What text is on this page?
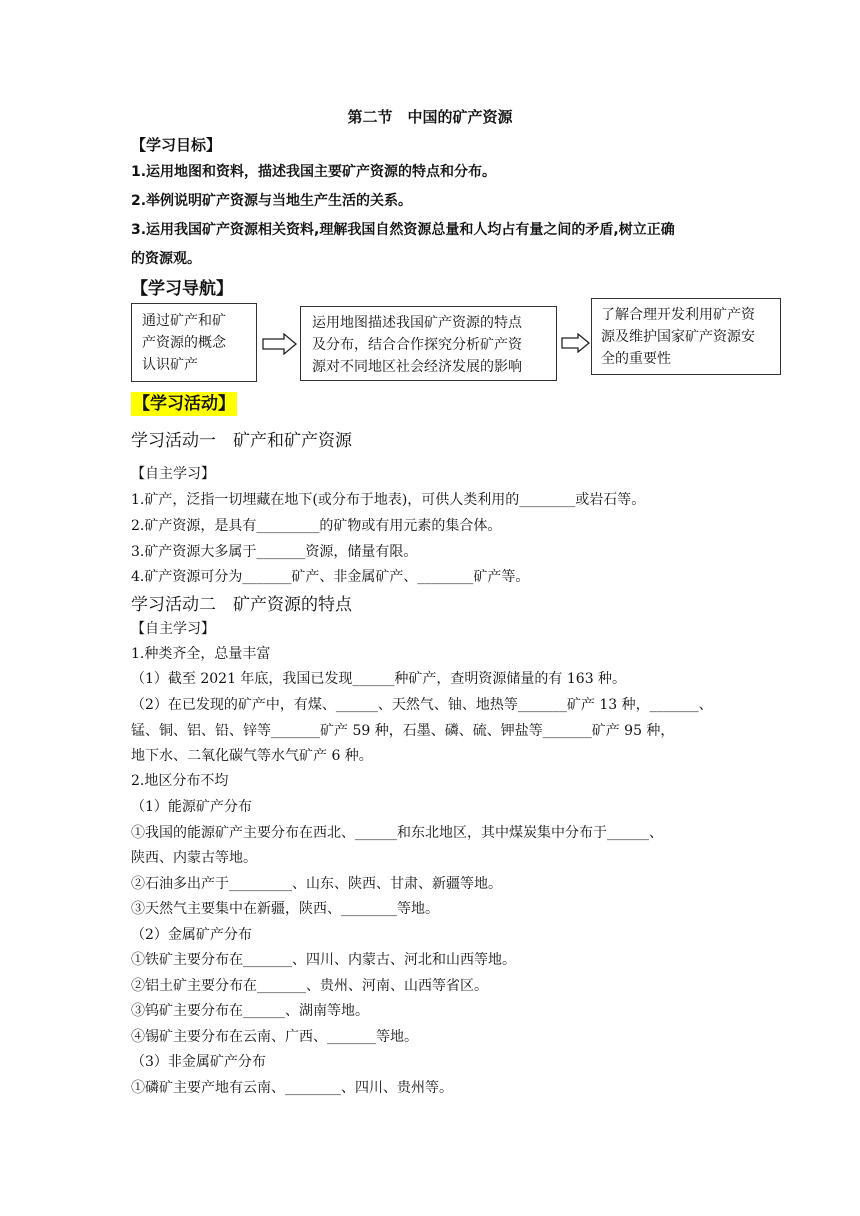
第二节　中国的矿产资源
【学习目标】
1.运用地图和资料，描述我国主要矿产资源的特点和分布。
2.举例说明矿产资源与当地生产生活的关系。
3.运用我国矿产资源相关资料,理解我国自然资源总量和人均占有量之间的矛盾,树立正确
的资源观。
【学习导航】
通过矿产和矿
产资源的概念
认识矿产
运用地图描述我国矿产资源的特点
及分布，结合合作探究分析矿产资
源对不同地区社会经济发展的影响
了解合理开发利用矿产资
源及维护国家矿产资源安
全的重要性
【学习活动】
学习活动一　矿产和矿产资源
【自主学习】
1.矿产，泛指一切埋藏在地下(或分布于地表)，可供人类利用的________或岩石等。
2.矿产资源，是具有_________的矿物或有用元素的集合体。
3.矿产资源大多属于_______资源，储量有限。
4.矿产资源可分为_______矿产、非金属矿产、________矿产等。
学习活动二　矿产资源的特点
【自主学习】
1.种类齐全，总量丰富
（1）截至 2021 年底，我国已发现______种矿产，查明资源储量的有 163 种。
（2）在已发现的矿产中，有煤、______、天然气、铀、地热等_______矿产 13 种，_______、
锰、铜、铝、铅、锌等_______矿产 59 种，石墨、磷、硫、钾盐等_______矿产 95 种，
地下水、二氧化碳气等水气矿产 6 种。
2.地区分布不均
（1）能源矿产分布
①我国的能源矿产主要分布在西北、______和东北地区，其中煤炭集中分布于______、
陕西、内蒙古等地。
②石油多出产于_________、山东、陕西、甘肃、新疆等地。
③天然气主要集中在新疆，陕西、________等地。
（2）金属矿产分布
①铁矿主要分布在_______、四川、内蒙古、河北和山西等地。
②铝土矿主要分布在_______、贵州、河南、山西等省区。
③钨矿主要分布在______、湖南等地。
④锡矿主要分布在云南、广西、_______等地。
（3）非金属矿产分布
①磷矿主要产地有云南、________、四川、贵州等。
